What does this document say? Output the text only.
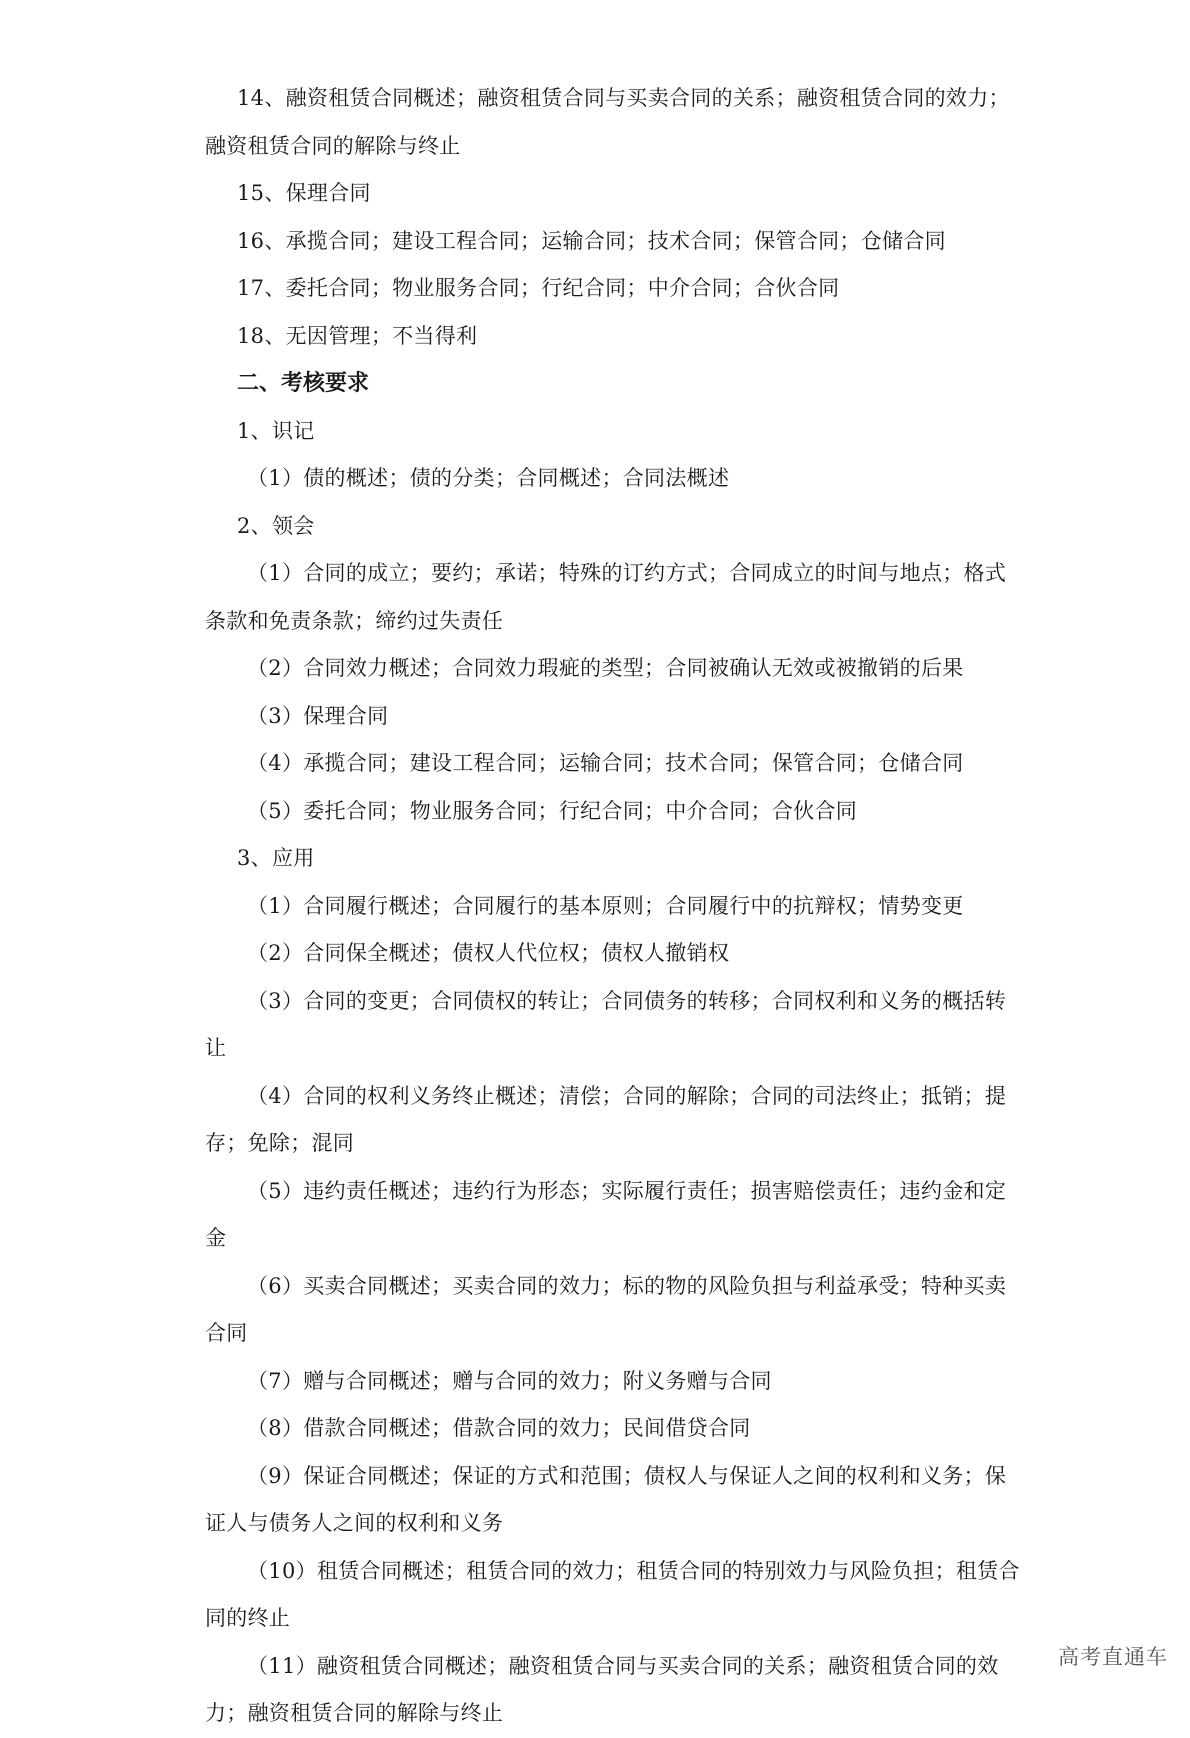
14、融资租赁合同概述；融资租赁合同与买卖合同的关系；融资租赁合同的效力；融资租赁合同的解除与终止

15、保理合同

16、承揽合同；建设工程合同；运输合同；技术合同；保管合同；仓储合同

17、委托合同；物业服务合同；行纪合同；中介合同；合伙合同

18、无因管理；不当得利

二、考核要求

1、识记

（1）债的概述；债的分类；合同概述；合同法概述

2、领会

（1）合同的成立；要约；承诺；特殊的订约方式；合同成立的时间与地点；格式条款和免责条款；缔约过失责任

（2）合同效力概述；合同效力瑕疵的类型；合同被确认无效或被撤销的后果

（3）保理合同

（4）承揽合同；建设工程合同；运输合同；技术合同；保管合同；仓储合同

（5）委托合同；物业服务合同；行纪合同；中介合同；合伙合同

3、应用

（1）合同履行概述；合同履行的基本原则；合同履行中的抗辩权；情势变更

（2）合同保全概述；债权人代位权；债权人撤销权

（3）合同的变更；合同债权的转让；合同债务的转移；合同权利和义务的概括转让

（4）合同的权利义务终止概述；清偿；合同的解除；合同的司法终止；抵销；提存；免除；混同

（5）违约责任概述；违约行为形态；实际履行责任；损害赔偿责任；违约金和定金

（6）买卖合同概述；买卖合同的效力；标的物的风险负担与利益承受；特种买卖合同

（7）赠与合同概述；赠与合同的效力；附义务赠与合同

（8）借款合同概述；借款合同的效力；民间借贷合同

（9）保证合同概述；保证的方式和范围；债权人与保证人之间的权利和义务；保证人与债务人之间的权利和义务

（10）租赁合同概述；租赁合同的效力；租赁合同的特别效力与风险负担；租赁合同的终止

（11）融资租赁合同概述；融资租赁合同与买卖合同的关系；融资租赁合同的效力；融资租赁合同的解除与终止

高考直通车
